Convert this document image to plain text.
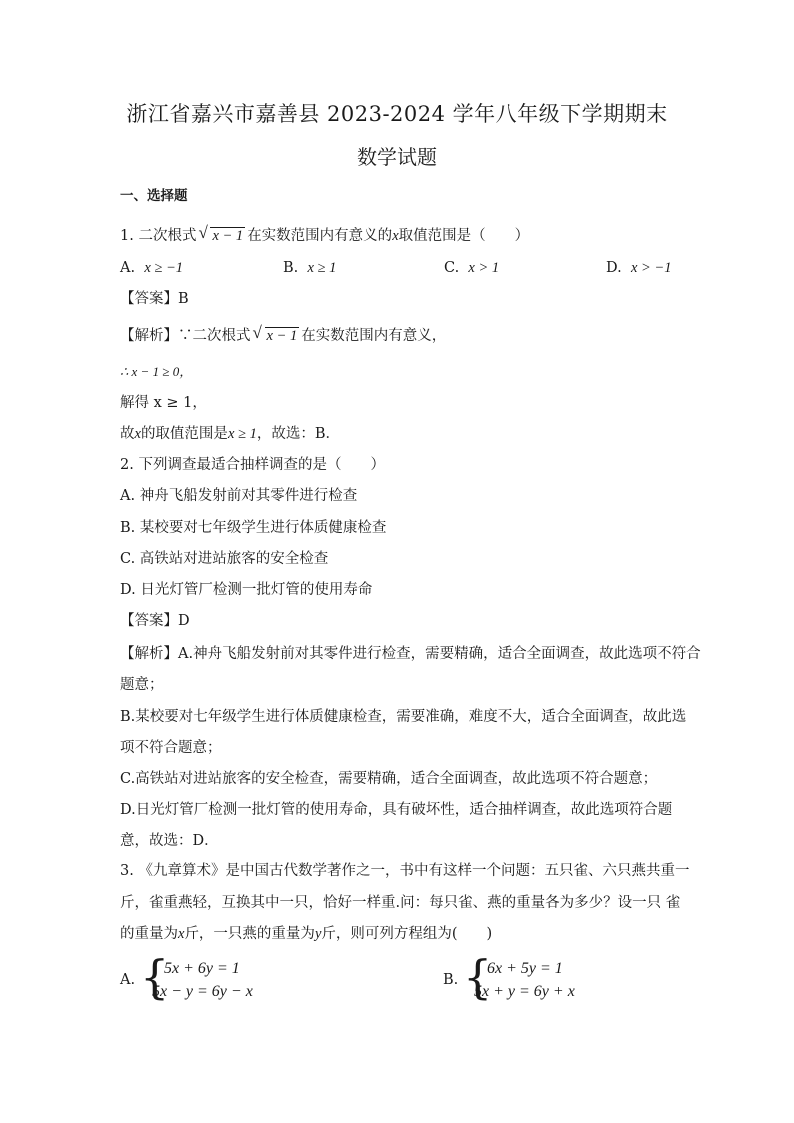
浙江省嘉兴市嘉善县 2023-2024 学年八年级下学期期末
数学试题
一、选择题
1. 二次根式 √ x − 1 在实数范围内有意义的x取值范围是（　　）
A. x ≥ −1	B. x ≥ 1	C. x > 1	D. x > −1
【答案】B
【解析】∵二次根式 √ x − 1 在实数范围内有意义，
∴ x − 1 ≥ 0，
解得 x ≥ 1，
故x的取值范围是x ≥ 1，故选：B．
2. 下列调查最适合抽样调查的是（　　）
A. 神舟飞船发射前对其零件进行检查
B. 某校要对七年级学生进行体质健康检查
C. 高铁站对进站旅客的安全检查
D. 日光灯管厂检测一批灯管的使用寿命
【答案】D
【解析】A.神舟飞船发射前对其零件进行检查，需要精确，适合全面调查，故此选项不符合
题意；
B.某校要对七年级学生进行体质健康检查，需要准确，难度不大，适合全面调查，故此选
项不符合题意；
C.高铁站对进站旅客的安全检查，需要精确，适合全面调查，故此选项不符合题意；
D.日光灯管厂检测一批灯管的使用寿命，具有破坏性，适合抽样调查，故此选项符合题
意，故选：D．
3. 《九章算术》是中国古代数学著作之一，书中有这样一个问题：五只雀、六只燕共重一
斤，雀重燕轻，互换其中一只，恰好一样重.问：每只雀、燕的重量各为多少？设一只 雀
的重量为x斤，一只燕的重量为y斤，则可列方程组为(　　)
A. {
5x + 6y = 1
5x − y = 6y − x
B. {
6x + 5y = 1
5x + y = 6y + x
